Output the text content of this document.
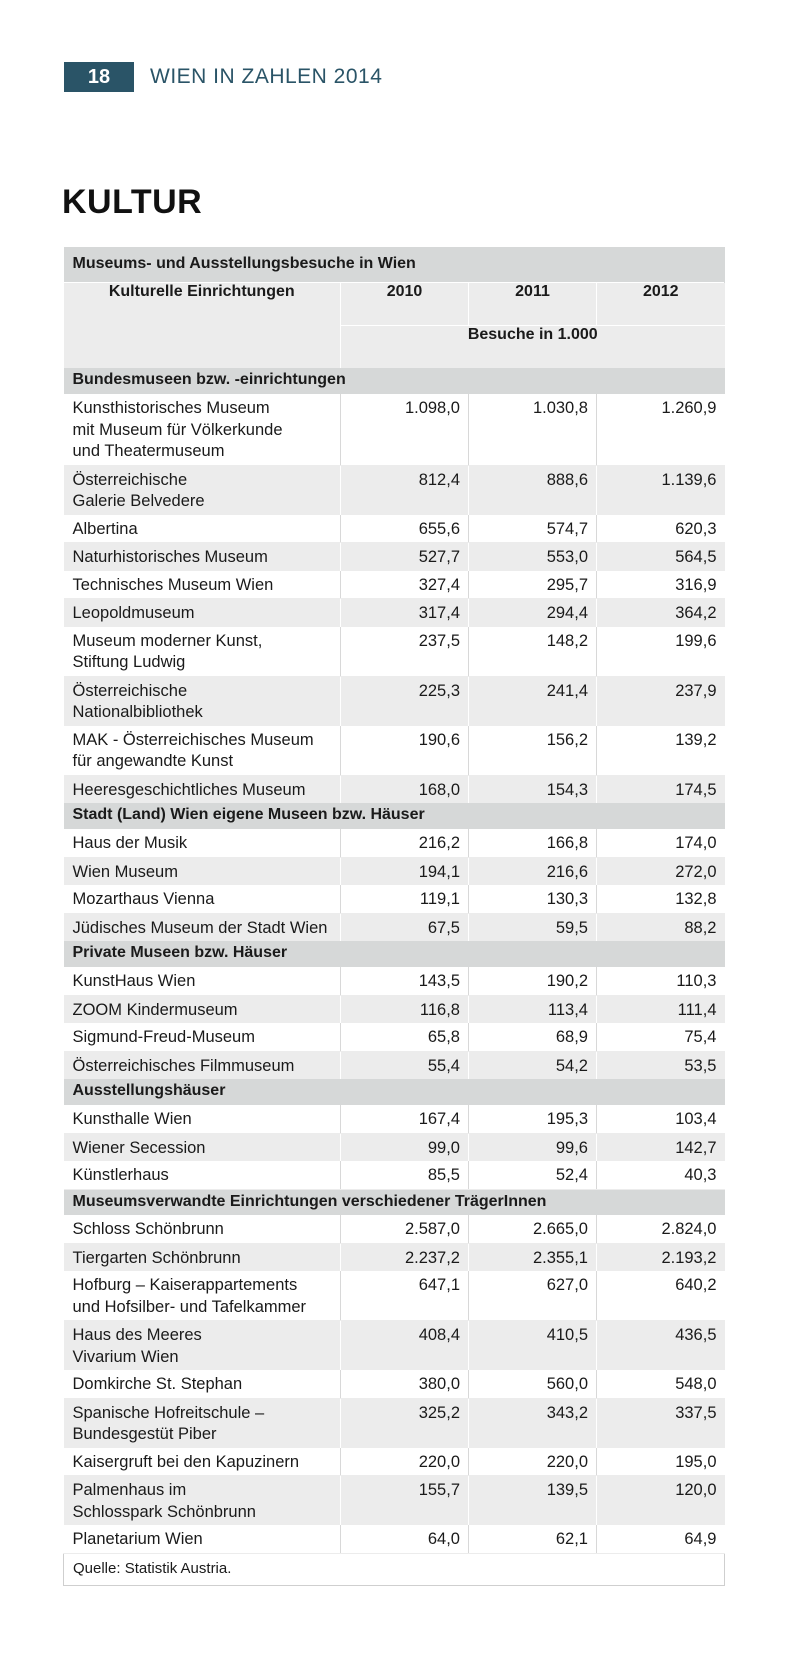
18	WIEN IN ZAHLEN 2014
KULTUR
Museums- und Ausstellungsbesuche in Wien			
Kulturelle Einrichtungen	2010	2011	2012
	Besuche in 1.000		
Bundesmuseen bzw. -einrichtungen			

Kunsthistorisches Museum
mit Museum für Völkerkunde
und Theatermuseum	1.098,0	1.030,8	1.260,9

Österreichische
Galerie Belvedere	812,4	888,6	1.139,6

Albertina	655,6	574,7	620,3

Naturhistorisches Museum	527,7	553,0	564,5

Technisches Museum Wien	327,4	295,7	316,9

Leopoldmuseum	317,4	294,4	364,2

Museum moderner Kunst,
Stiftung Ludwig	237,5	148,2	199,6

Österreichische
Nationalbibliothek	225,3	241,4	237,9

MAK - Österreichisches Museum
für angewandte Kunst	190,6	156,2	139,2

Heeresgeschichtliches Museum	168,0	154,3	174,5
Stadt (Land) Wien eigene Museen bzw. Häuser			

Haus der Musik	216,2	166,8	174,0

Wien Museum	194,1	216,6	272,0

Mozarthaus Vienna	119,1	130,3	132,8

Jüdisches Museum der Stadt Wien	67,5	59,5	88,2
Private Museen bzw. Häuser			

KunstHaus Wien	143,5	190,2	110,3

ZOOM Kindermuseum	116,8	113,4	111,4

Sigmund-Freud-Museum	65,8	68,9	75,4

Österreichisches Filmmuseum	55,4	54,2	53,5
Ausstellungshäuser			

Kunsthalle Wien	167,4	195,3	103,4

Wiener Secession	99,0	99,6	142,7

Künstlerhaus	85,5	52,4	40,3
Museumsverwandte Einrichtungen verschiedener TrägerInnen			

Schloss Schönbrunn	2.587,0	2.665,0	2.824,0

Tiergarten Schönbrunn	2.237,2	2.355,1	2.193,2

Hofburg – Kaiserappartements
und Hofsilber- und Tafelkammer	647,1	627,0	640,2

Haus des Meeres
Vivarium Wien	408,4	410,5	436,5

Domkirche St. Stephan	380,0	560,0	548,0

Spanische Hofreitschule –
Bundesgestüt Piber	325,2	343,2	337,5

Kaisergruft bei den Kapuzinern	220,0	220,0	195,0

Palmenhaus im
Schlosspark Schönbrunn	155,7	139,5	120,0

Planetarium Wien	64,0	62,1	64,9
Quelle: Statistik Austria.			
